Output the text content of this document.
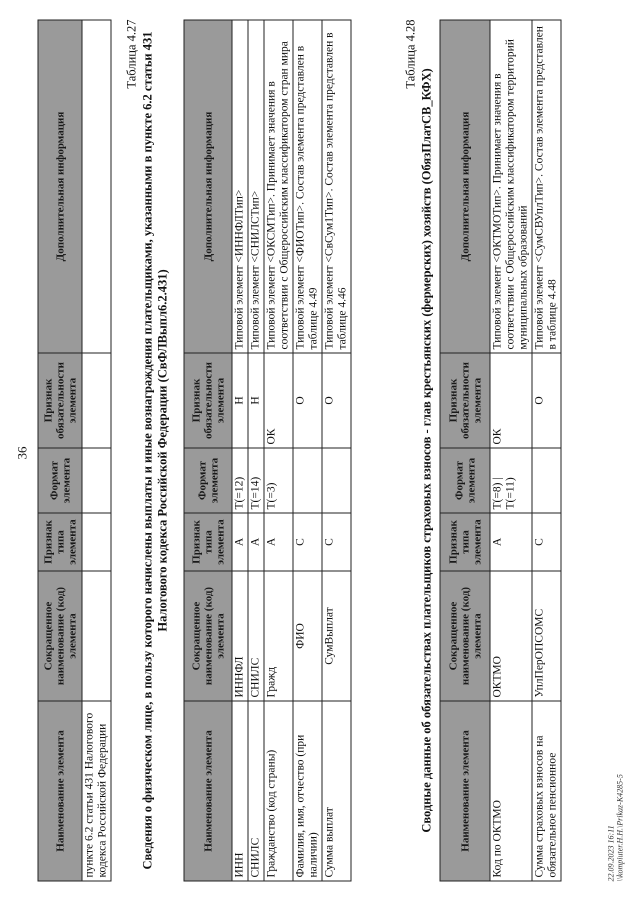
36
Наименование элемента	Сокращенное наименование (код) элемента	Признак типа элемента	Формат элемента	Признак обязательности элемента	Дополнительная информация
пункте 6.2 статьи 431 Налогового кодекса Российской Федерации					
Таблица 4.27 Сведения о физическом лице, в пользу которого начислены выплаты и иные вознаграждения плательщиками, указанными в пункте 6.2 статьи 431 Налогового кодекса Российской Федерации (СвФЛВыпл6.2.431)
Наименование элемента	Сокращенное наименование (код) элемента	Признак типа элемента	Формат элемента	Признак обязательности элемента	Дополнительная информация
ИНН	ИННФЛ	А	T(=12)	Н	Типовой элемент <ИННФЛТип>
СНИЛС	СНИЛС	А	T(=14)	Н	Типовой элемент <СНИЛСТип>
Гражданство (код страны)	Гражд	А	T(=3)	ОК	Типовой элемент <ОКСМТип>. Принимает значения в соответствии с Общероссийским классификатором стран мира
Фамилия, имя, отчество (при наличии)	ФИО	С		О	Типовой элемент <ФИОТип>. Состав элемента представлен в таблице 4.49
Сумма выплат	СумВыплат	С		О	Типовой элемент <СвСум1Тип>. Состав элемента представлен в таблице 4.46
Таблица 4.28
Сводные данные об обязательствах плательщиков страховых взносов - глав крестьянских (фермерских) хозяйств (ОбязПлатСВ_КФХ) Наименование элемента	Сокращенное наименование (код) элемента	Признак типа элемента	Формат элемента	Признак обязательности элемента	Дополнительная информация
Код по ОКТМО	ОКТМО	А	T(=8) | T(=11)	ОК	Типовой элемент <ОКТМОТип>. Принимает значения в соответствии с Общероссийским классификатором территорий муниципальных образований
Сумма страховых взносов на обязательное пенсионное	УплПерОПСОМС	С		О	Типовой элемент <СумСВУплТип>. Состав элемента представлен в таблице 4.48
22.09.2023 16:11 \\kompiuter.H.H.\Prikaz-K4285-5
